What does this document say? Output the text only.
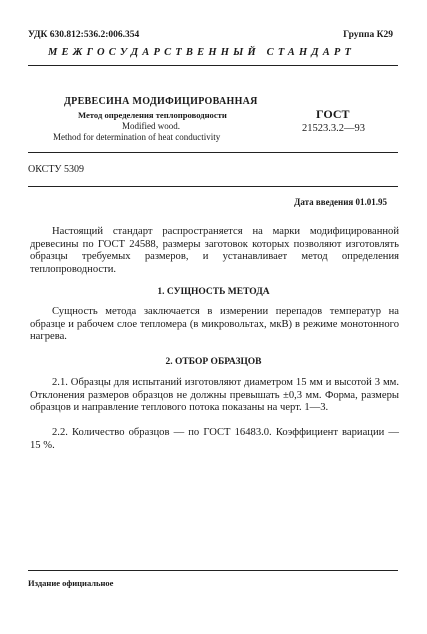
УДК 630.812:536.2:006.354	Группа К29
МЕЖГОСУДАРСТВЕННЫЙ СТАНДАРТ
ДРЕВЕСИНА МОДИФИЦИРОВАННАЯ
Метод определения теплопроводности
Modified wood.
Method for determination of heat conductivity
ГОСТ
21523.3.2—93
ОКСТУ 5309
Дата введения 01.01.95
Настоящий стандарт распространяется на марки модифицированной древесины по ГОСТ 24588, размеры заготовок которых позволяют изготовлять образцы требуемых размеров, и устанавливает метод определения теплопроводности.
1. СУЩНОСТЬ МЕТОДА
Сущность метода заключается в измерении перепадов температур на образце и рабочем слое тепломера (в микровольтах, мкВ) в режиме монотонного нагрева.
2. ОТБОР ОБРАЗЦОВ
2.1. Образцы для испытаний изготовляют диаметром 15 мм и высотой 3 мм. Отклонения размеров образцов не должны превышать ±0,3 мм. Форма, размеры образцов и направление теплового потока показаны на черт. 1—3.
2.2. Количество образцов — по ГОСТ 16483.0. Коэффициент вариации — 15 %.
Издание официальное
